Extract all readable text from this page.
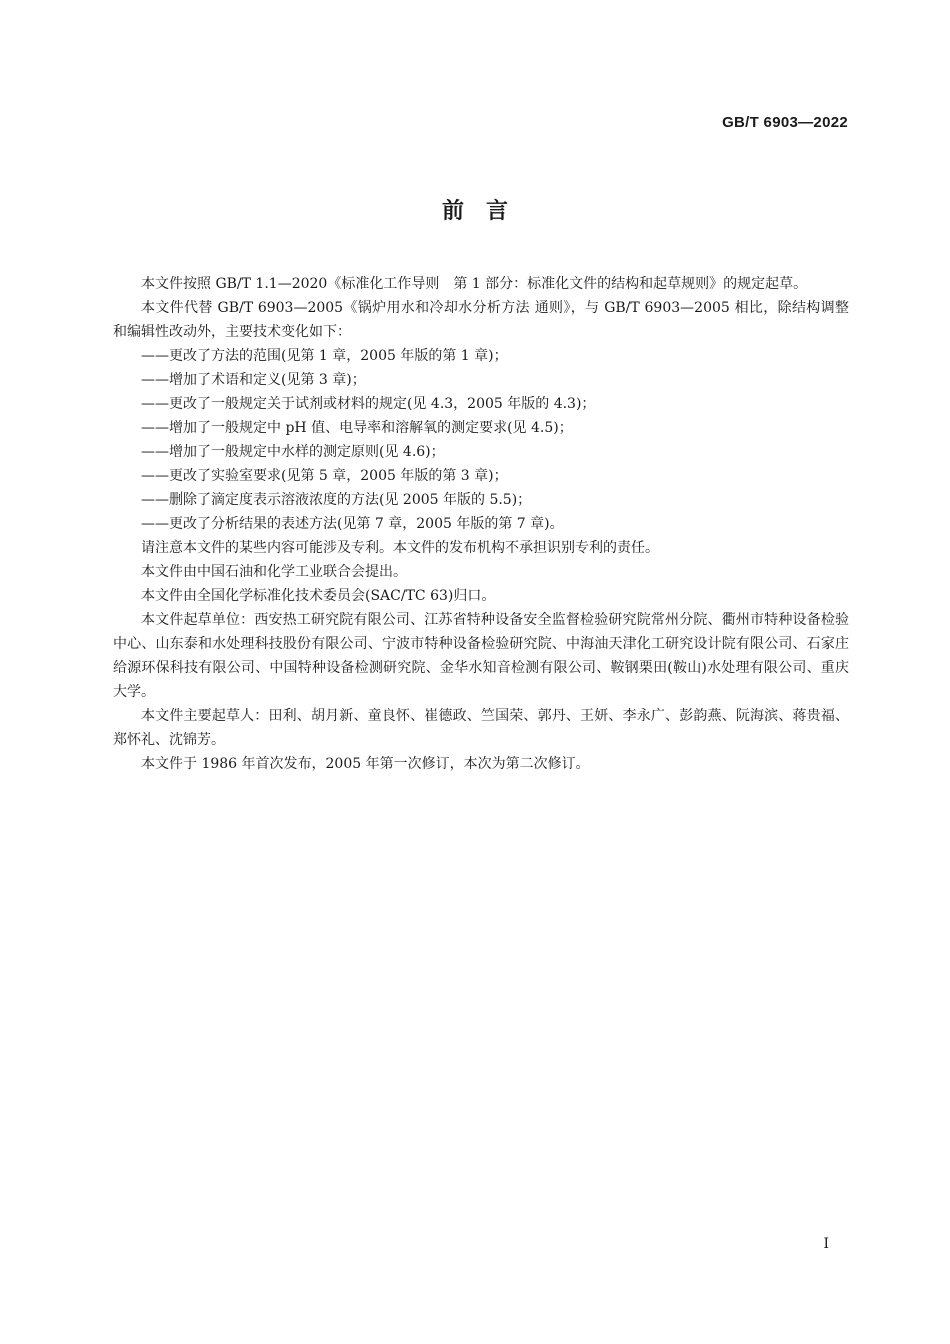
GB/T 6903—2022
前　言

本文件按照 GB/T 1.1—2020《标准化工作导则　第 1 部分：标准化文件的结构和起草规则》的规定起草。

本文件代替 GB/T 6903—2005《锅炉用水和冷却水分析方法 通则》，与 GB/T 6903—2005 相比，除结构调整和编辑性改动外，主要技术变化如下：

——更改了方法的范围(见第 1 章，2005 年版的第 1 章)；
——增加了术语和定义(见第 3 章)；
——更改了一般规定关于试剂或材料的规定(见 4.3，2005 年版的 4.3)；
——增加了一般规定中 pH 值、电导率和溶解氧的测定要求(见 4.5)；
——增加了一般规定中水样的测定原则(见 4.6)；
——更改了实验室要求(见第 5 章，2005 年版的第 3 章)；
——删除了滴定度表示溶液浓度的方法(见 2005 年版的 5.5)；
——更改了分析结果的表述方法(见第 7 章，2005 年版的第 7 章)。

请注意本文件的某些内容可能涉及专利。本文件的发布机构不承担识别专利的责任。

本文件由中国石油和化学工业联合会提出。

本文件由全国化学标准化技术委员会(SAC/TC 63)归口。

本文件起草单位：西安热工研究院有限公司、江苏省特种设备安全监督检验研究院常州分院、衢州市特种设备检验中心、山东泰和水处理科技股份有限公司、宁波市特种设备检验研究院、中海油天津化工研究设计院有限公司、石家庄给源环保科技有限公司、中国特种设备检测研究院、金华水知音检测有限公司、鞍钢栗田(鞍山)水处理有限公司、重庆大学。

本文件主要起草人：田利、胡月新、童良怀、崔德政、竺国荣、郭丹、王妍、李永广、彭韵燕、阮海滨、蒋贵福、郑怀礼、沈锦芳。

本文件于 1986 年首次发布，2005 年第一次修订，本次为第二次修订。

I
